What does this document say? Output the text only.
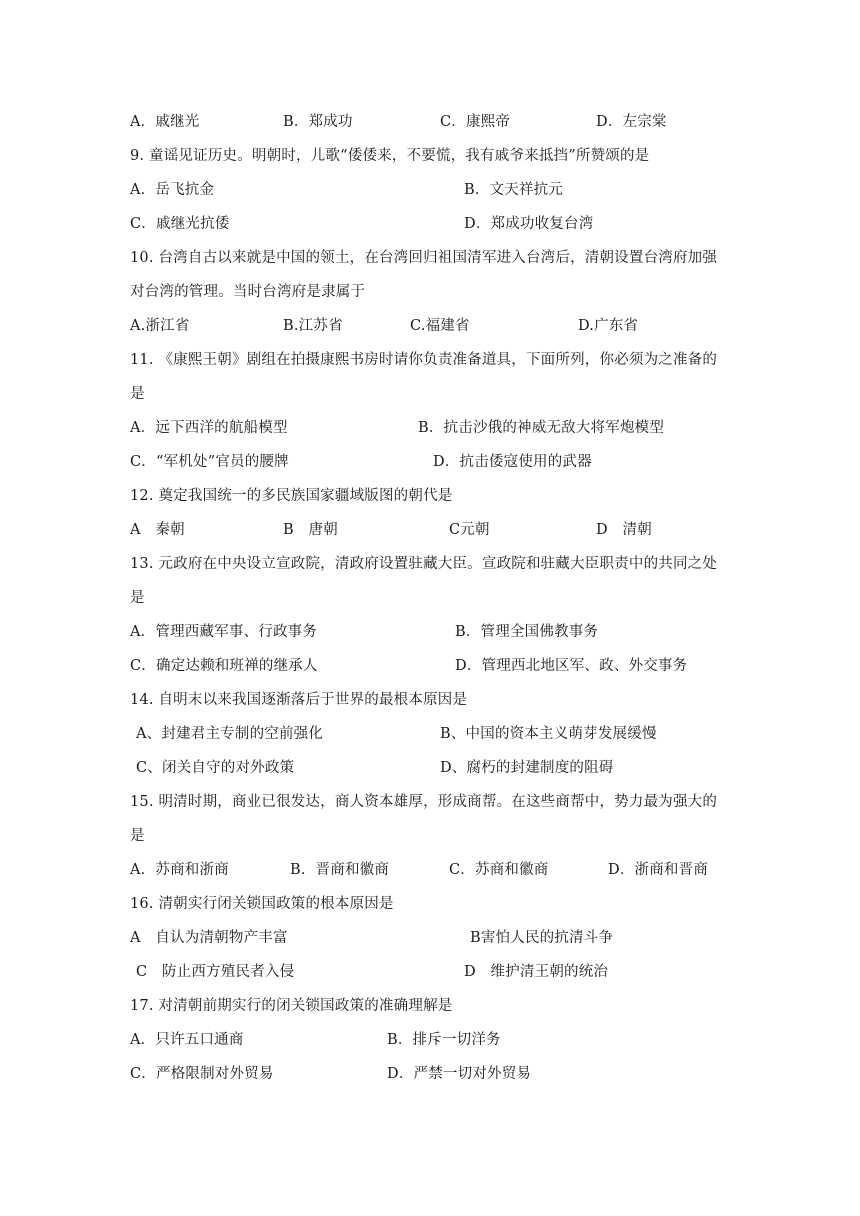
A．戚继光	B．郑成功	C．康熙帝	D．左宗棠
9. 童谣见证历史。明朝时，儿歌“倭倭来，不要慌，我有戚爷来抵挡”所赞颂的是
A．岳飞抗金	B．文天祥抗元
C．戚继光抗倭	D．郑成功收复台湾
10. 台湾自古以来就是中国的领土，在台湾回归祖国清军进入台湾后，清朝设置台湾府加强
对台湾的管理。当时台湾府是隶属于
A.浙江省	B.江苏省	C.福建省	D.广东省
11. 《康熙王朝》剧组在拍摄康熙书房时请你负责准备道具，下面所列，你必须为之准备的
是
A．远下西洋的航船模型	B．抗击沙俄的神威无敌大将军炮模型
C．“军机处”官员的腰牌	D．抗击倭寇使用的武器
12. 奠定我国统一的多民族国家疆域版图的朝代是
A　秦朝	B　唐朝	C元朝	D　清朝
13. 元政府在中央设立宣政院，清政府设置驻藏大臣。宣政院和驻藏大臣职责中的共同之处
是
A．管理西藏军事、行政事务	B．管理全国佛教事务
C．确定达赖和班禅的继承人	D．管理西北地区军、政、外交事务
14. 自明末以来我国逐渐落后于世界的最根本原因是
A、封建君主专制的空前强化	B、中国的资本主义萌芽发展缓慢
C、闭关自守的对外政策	D、腐朽的封建制度的阻碍
15. 明清时期，商业已很发达，商人资本雄厚，形成商帮。在这些商帮中，势力最为强大的
是
A．苏商和浙商	B．晋商和徽商	C．苏商和徽商	D．浙商和晋商
16. 清朝实行闭关锁国政策的根本原因是
A　自认为清朝物产丰富	B害怕人民的抗清斗争
C　防止西方殖民者入侵	D　维护清王朝的统治
17. 对清朝前期实行的闭关锁国政策的准确理解是
A．只许五口通商	B．排斥一切洋务
C．严格限制对外贸易	D．严禁一切对外贸易
